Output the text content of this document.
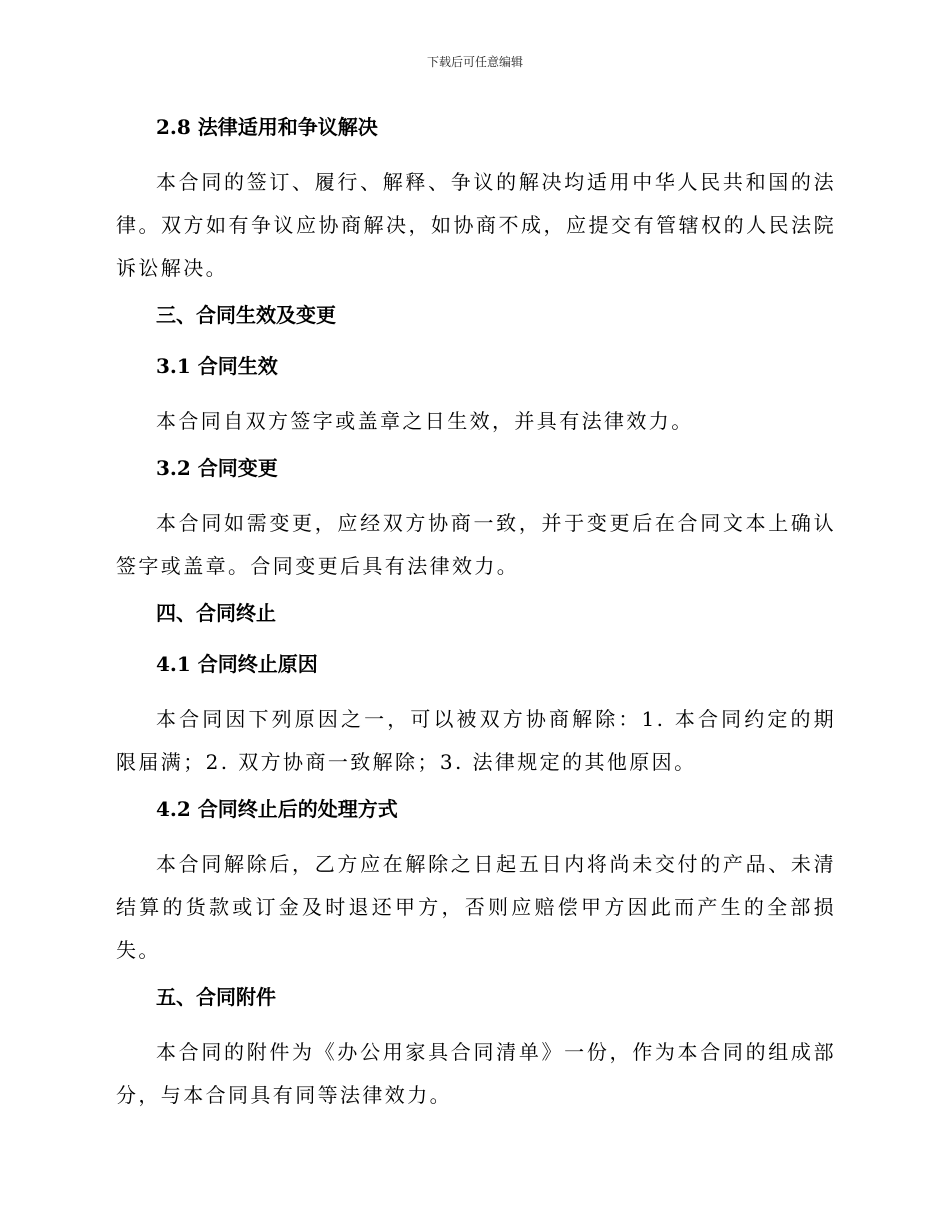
下载后可任意编辑
2.8 法律适用和争议解决

本合同的签订、履行、解释、争议的解决均适用中华人民共和国的法律。双方如有争议应协商解决，如协商不成，应提交有管辖权的人民法院诉讼解决。

三、合同生效及变更
3.1 合同生效

本合同自双方签字或盖章之日生效，并具有法律效力。

3.2 合同变更

本合同如需变更，应经双方协商一致，并于变更后在合同文本上确认签字或盖章。合同变更后具有法律效力。

四、合同终止
4.1 合同终止原因

本合同因下列原因之一，可以被双方协商解除：1. 本合同约定的期限届满；2. 双方协商一致解除；3. 法律规定的其他原因。

4.2 合同终止后的处理方式

本合同解除后，乙方应在解除之日起五日内将尚未交付的产品、未清结算的货款或订金及时退还甲方，否则应赔偿甲方因此而产生的全部损失。

五、合同附件

本合同的附件为《办公用家具合同清单》一份，作为本合同的组成部分，与本合同具有同等法律效力。
